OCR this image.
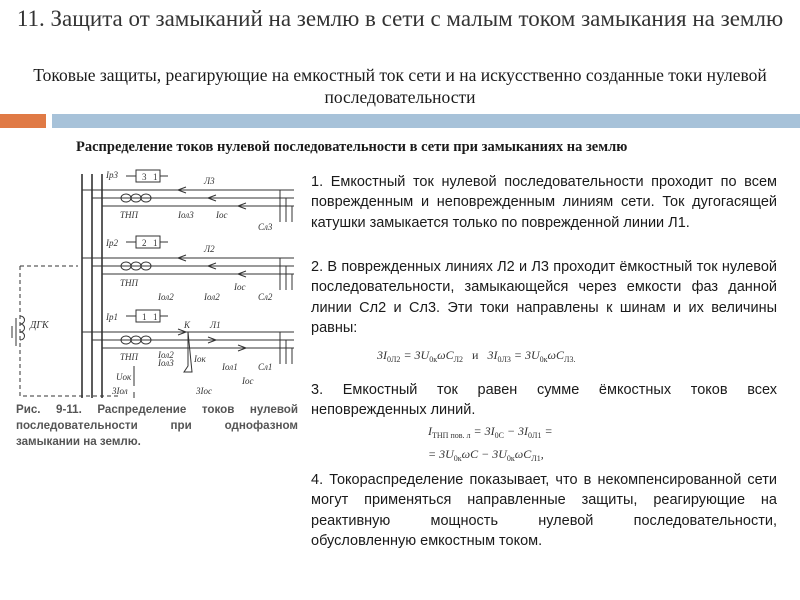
11. Защита от замыканий на землю в сети с малым током замыкания на землю
Токовые защиты, реагирующие на емкостный ток сети и на искусственно созданные токи нулевой последовательности
Распределение токов нулевой последовательности в сети при замыканиях на землю
Iр3	3 1	Л3
ТНП	Iол3 Iос
Сл3
Iр2	2 1
Л2
ТНП
Iол2	Iол2
Iос
Сл2
Iр1	1 1
К Л1
ТНП Iол2
Iол3 Iок
Iол1 Сл1
Iос
Uок
3Iол	3Iос
ДГК
Рис. 9-11. Распределение токов нулевой последовательности при однофазном замыкании на землю.

1. Емкостный ток нулевой последовательности проходит по всем поврежденным и неповрежденным линиям сети. Ток дугогасящей катушки замыкается только по поврежденной линии Л1.

2. В поврежденных линиях Л2 и Л3 проходит ёмкостный ток нулевой последовательности, замыкающейся через емкости фаз данной линии Сл2 и Сл3. Эти токи направлены к шинам и их величины равны:

$3I_{0Л2} = 3U_{0к}\omega C_{Л2}$   и   $3I_{0Л3} = 3U_{0к}\omega C_{Л3.}$

3. Емкостный ток равен сумме ёмкостных токов всех неповрежденных линий.

$I_{ТНП пов. л} = 3I_{0С} - 3I_{0Л1}$ =
= $3U_{0к}\omega C - 3U_{0к}\omega C_{Л1}$,

4. Токораспределение показывает, что в некомпенсированной сети могут применяться направленные защиты, реагирующие на реактивную мощность нулевой последовательности, обусловленную емкостным током.
